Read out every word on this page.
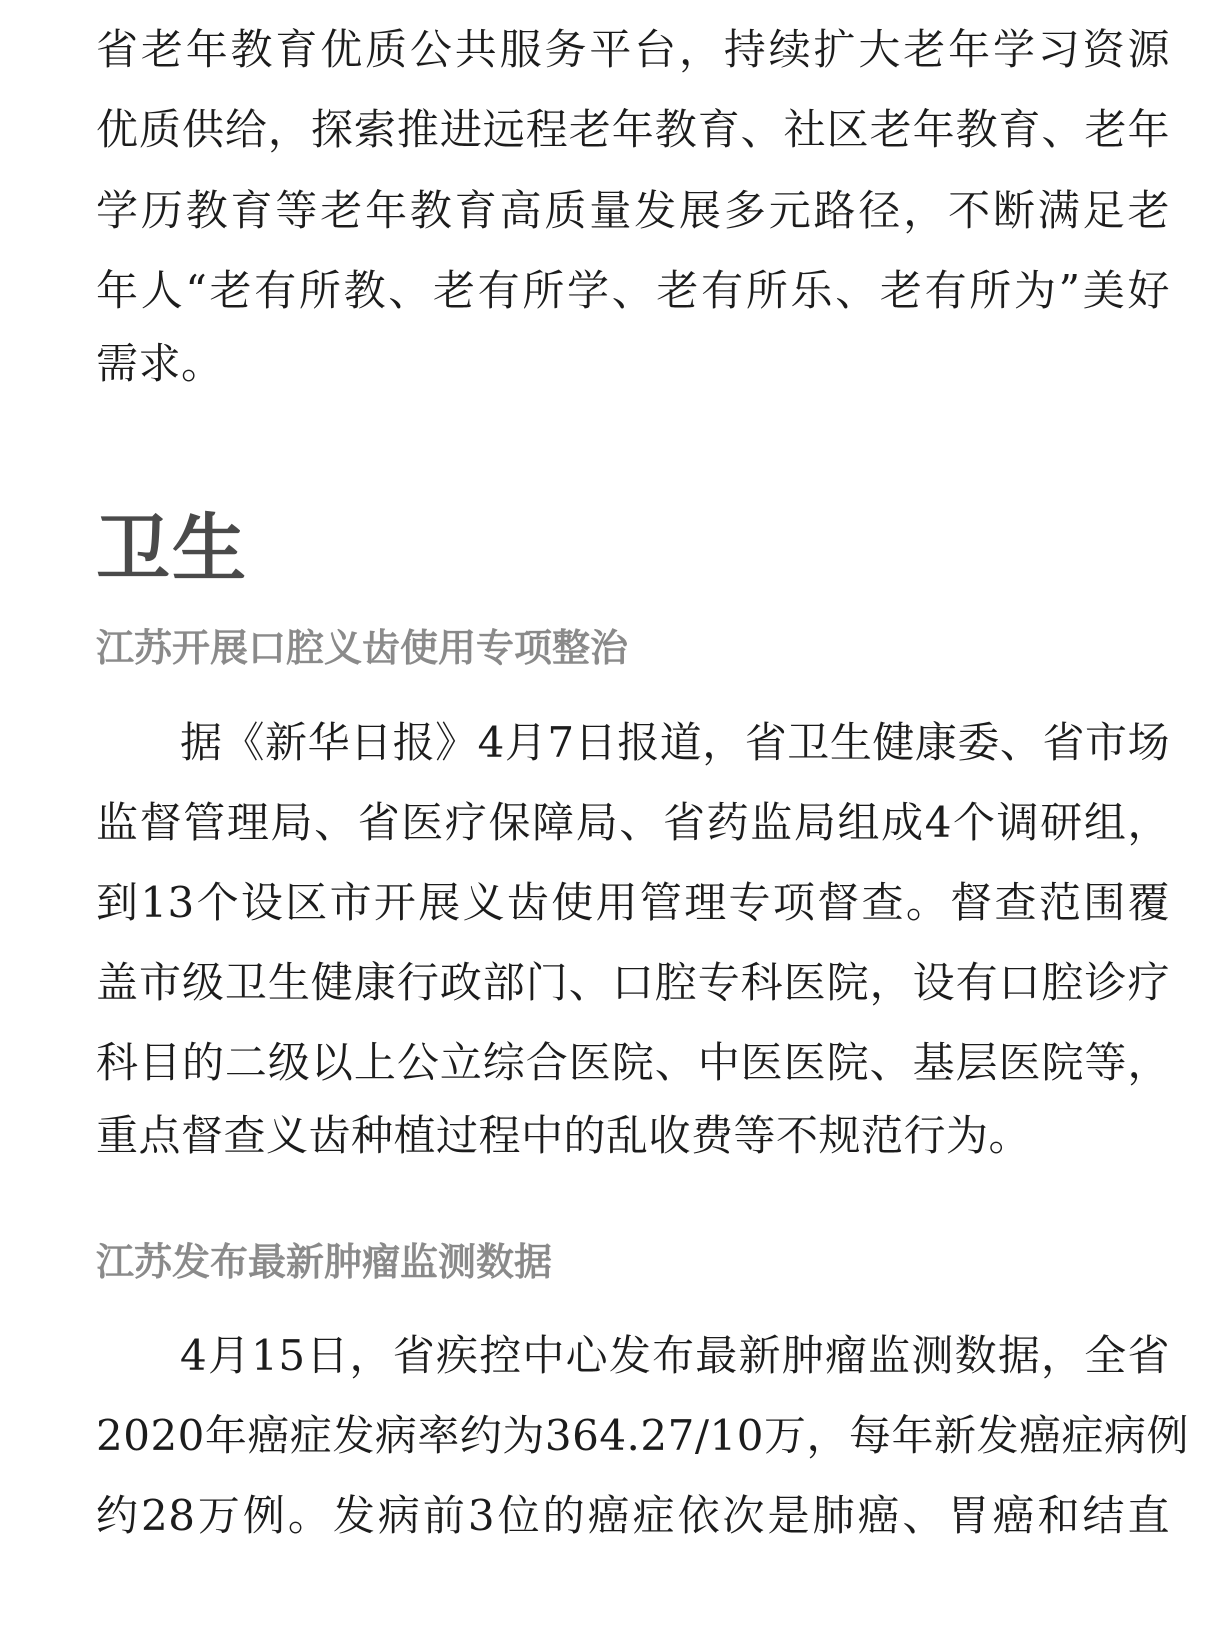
省老年教育优质公共服务平台，持续扩大老年学习资源
优质供给，探索推进远程老年教育、社区老年教育、老年
学历教育等老年教育高质量发展多元路径，不断满足老
年人“老有所教、老有所学、老有所乐、老有所为”美好
需求。
卫生
江苏开展口腔义齿使用专项整治
据《新华日报》4月7日报道，省卫生健康委、省市场
监督管理局、省医疗保障局、省药监局组成4个调研组，
到13个设区市开展义齿使用管理专项督查。督查范围覆
盖市级卫生健康行政部门、口腔专科医院，设有口腔诊疗
科目的二级以上公立综合医院、中医医院、基层医院等，
重点督查义齿种植过程中的乱收费等不规范行为。
江苏发布最新肿瘤监测数据
4月15日，省疾控中心发布最新肿瘤监测数据，全省
2020年癌症发病率约为364.27/10万，每年新发癌症病例
约28万例。发病前3位的癌症依次是肺癌、胃癌和结直
